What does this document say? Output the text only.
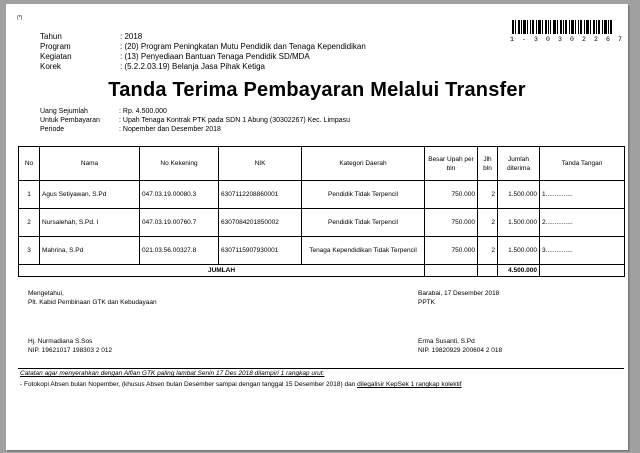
(*)
Tahun	: 2018
Program	: (20) Program Peningkatan Mutu Pendidik dan Tenaga Kependidikan
Kegiatan	: (13) Penyediaan Bantuan Tenaga Pendidik SD/MDA
Korek	: (5.2.2.03.19) Belanja Jasa Pihak Ketiga
1 - 3 0 3 0 2 2 6 7
Tanda Terima Pembayaran Melalui Transfer
Uang Sejumlah	: Rp. 4.500.000
Untuk Pembayaran	: Upah Tenaga Kontrak PTK pada SDN 1 Abung (30302267) Kec. Limpasu
Periode	: Nopember dan Desember 2018
No	Nama	No Kekening	NIK	Kategori Daerah	Besar Upah per bln	Jlh bln	Jumlah diterima	Tanda Tangan
1	Agus Setiyawan, S.Pd	047.03.19.00080.3	6307112208860001	Pendidik Tidak Terpencil	750.000	2	1.500.000	1...............
2	Nursalehah, S.Pd. I	047.03.19.00760.7	6307084201850002	Pendidik Tidak Terpencil	750.000	2	1.500.000	2...............
3	Mahrina, S.Pd	021.03.56.00327.8	6307115907930001	Tenaga Kependidikan Tidak Terpencil	750.000	2	1.500.000	3...............
JUMLAH							4.500.000	
Mengetahui,
Plt. Kabid Pembinaan GTK dan Kebudayaan
Hj. Nurmadiana S.Sos
NIP. 19621017 198303 2 012
Barabai, 17 Desember 2018
PPTK
Erma Susanti, S.Pd
NIP. 19820929 200604 2 018
Catatan agar menyerahkan dengan Alfian GTK paling lambat Senin 17 Des 2018 dilampiri 1 rangkap urut:
- Fotokopi Absen bulan Nopember, (khusus Absen bulan Desember sampai dengan tanggal 15 Desember 2018) dan dilegalisir KepSek 1 rangkap kolektif
